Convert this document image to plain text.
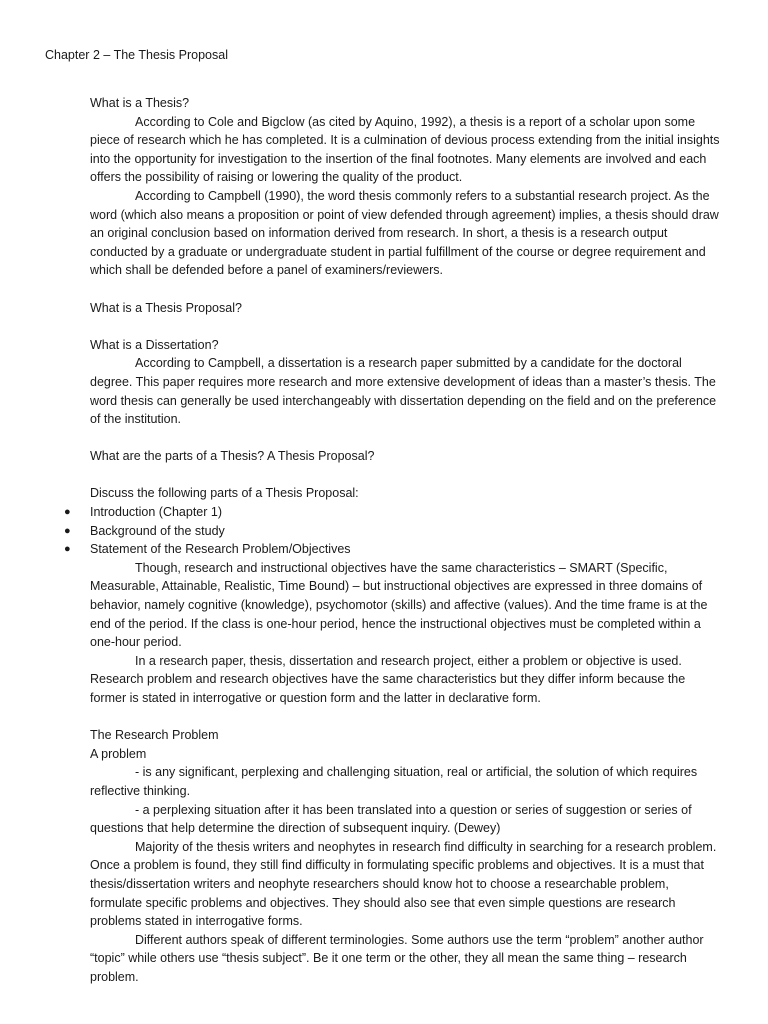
Chapter 2 – The Thesis Proposal
What is a Thesis?

According to Cole and Bigclow (as cited by Aquino, 1992), a thesis is a report of a scholar upon some piece of research which he has completed. It is a culmination of devious process extending from the initial insights into the opportunity for investigation to the insertion of the final footnotes. Many elements are involved and each offers the possibility of raising or lowering the quality of the product.

According to Campbell (1990), the word thesis commonly refers to a substantial research project. As the word (which also means a proposition or point of view defended through agreement) implies, a thesis should draw an original conclusion based on information derived from research. In short, a thesis is a research output conducted by a graduate or undergraduate student in partial fulfillment of the course or degree requirement and which shall be defended before a panel of examiners/reviewers.

What is a Thesis Proposal?
What is a Dissertation?

According to Campbell, a dissertation is a research paper submitted by a candidate for the doctoral degree. This paper requires more research and more extensive development of ideas than a master’s thesis. The word thesis can generally be used interchangeably with dissertation depending on the field and on the preference of the institution.

What are the parts of a Thesis? A Thesis Proposal?

Discuss the following parts of a Thesis Proposal:

● Introduction (Chapter 1)
● Background of the study
● Statement of the Research Problem/Objectives

Though, research and instructional objectives have the same characteristics – SMART (Specific, Measurable, Attainable, Realistic, Time Bound) – but instructional objectives are expressed in three domains of behavior, namely cognitive (knowledge), psychomotor (skills) and affective (values). And the time frame is at the end of the period. If the class is one-hour period, hence the instructional objectives must be completed within a one-hour period.

In a research paper, thesis, dissertation and research project, either a problem or objective is used. Research problem and research objectives have the same characteristics but they differ inform because the former is stated in interrogative or question form and the latter in declarative form.

The Research Problem

A problem

- is any significant, perplexing and challenging situation, real or artificial, the solution of which requires reflective thinking.

- a perplexing situation after it has been translated into a question or series of suggestion or series of questions that help determine the direction of subsequent inquiry. (Dewey)

Majority of the thesis writers and neophytes in research find difficulty in searching for a research problem. Once a problem is found, they still find difficulty in formulating specific problems and objectives. It is a must that thesis/dissertation writers and neophyte researchers should know hot to choose a researchable problem, formulate specific problems and objectives. They should also see that even simple questions are research problems stated in interrogative forms.

Different authors speak of different terminologies. Some authors use the term “problem” another author “topic” while others use “thesis subject”. Be it one term or the other, they all mean the same thing – research problem.
